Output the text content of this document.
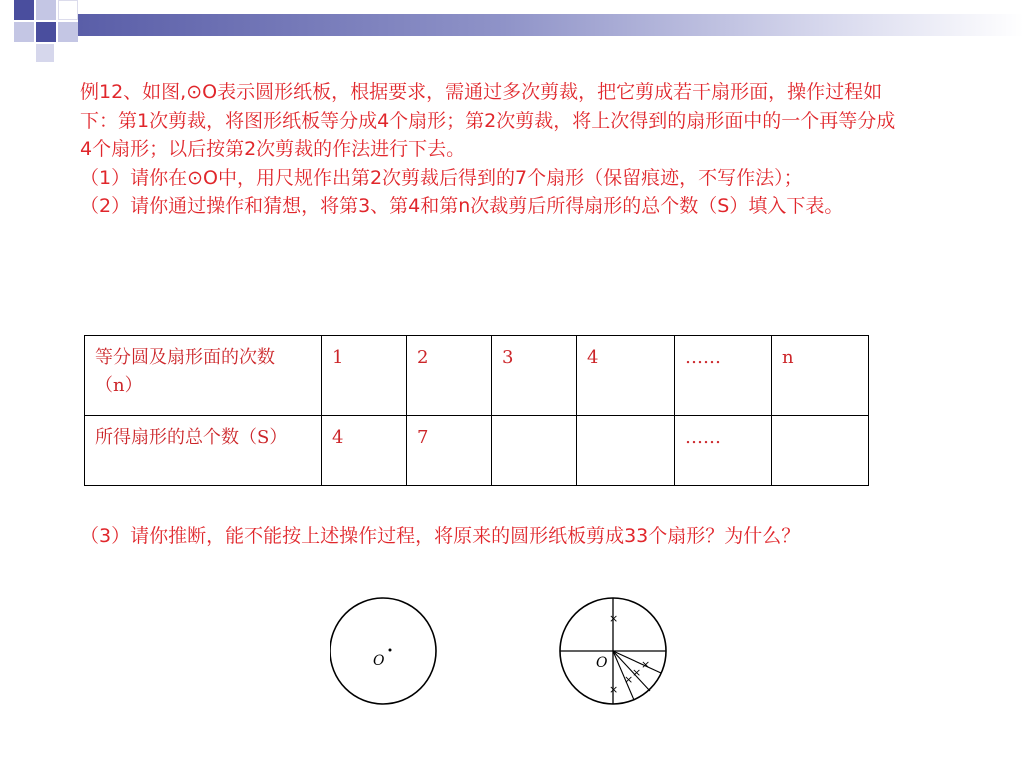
例12、如图,⊙O表示圆形纸板，根据要求，需通过多次剪裁，把它剪成若干扇形面，操作过程如下：第1次剪裁，将图形纸板等分成4个扇形；第2次剪裁，将上次得到的扇形面中的一个再等分成4个扇形；以后按第2次剪裁的作法进行下去。

（1）请你在⊙O中，用尺规作出第2次剪裁后得到的7个扇形（保留痕迹，不写作法）；

（2）请你通过操作和猜想，将第3、第4和第n次裁剪后所得扇形的总个数（S）填入下表。

等分圆及扇形面的次数（n）	1	2	3	4	……	n
所得扇形的总个数（S）	4	7			……	

（3）请你推断，能不能按上述操作过程，将原来的圆形纸板剪成33个扇形？为什么？

O	O
×
×
×
×
×
